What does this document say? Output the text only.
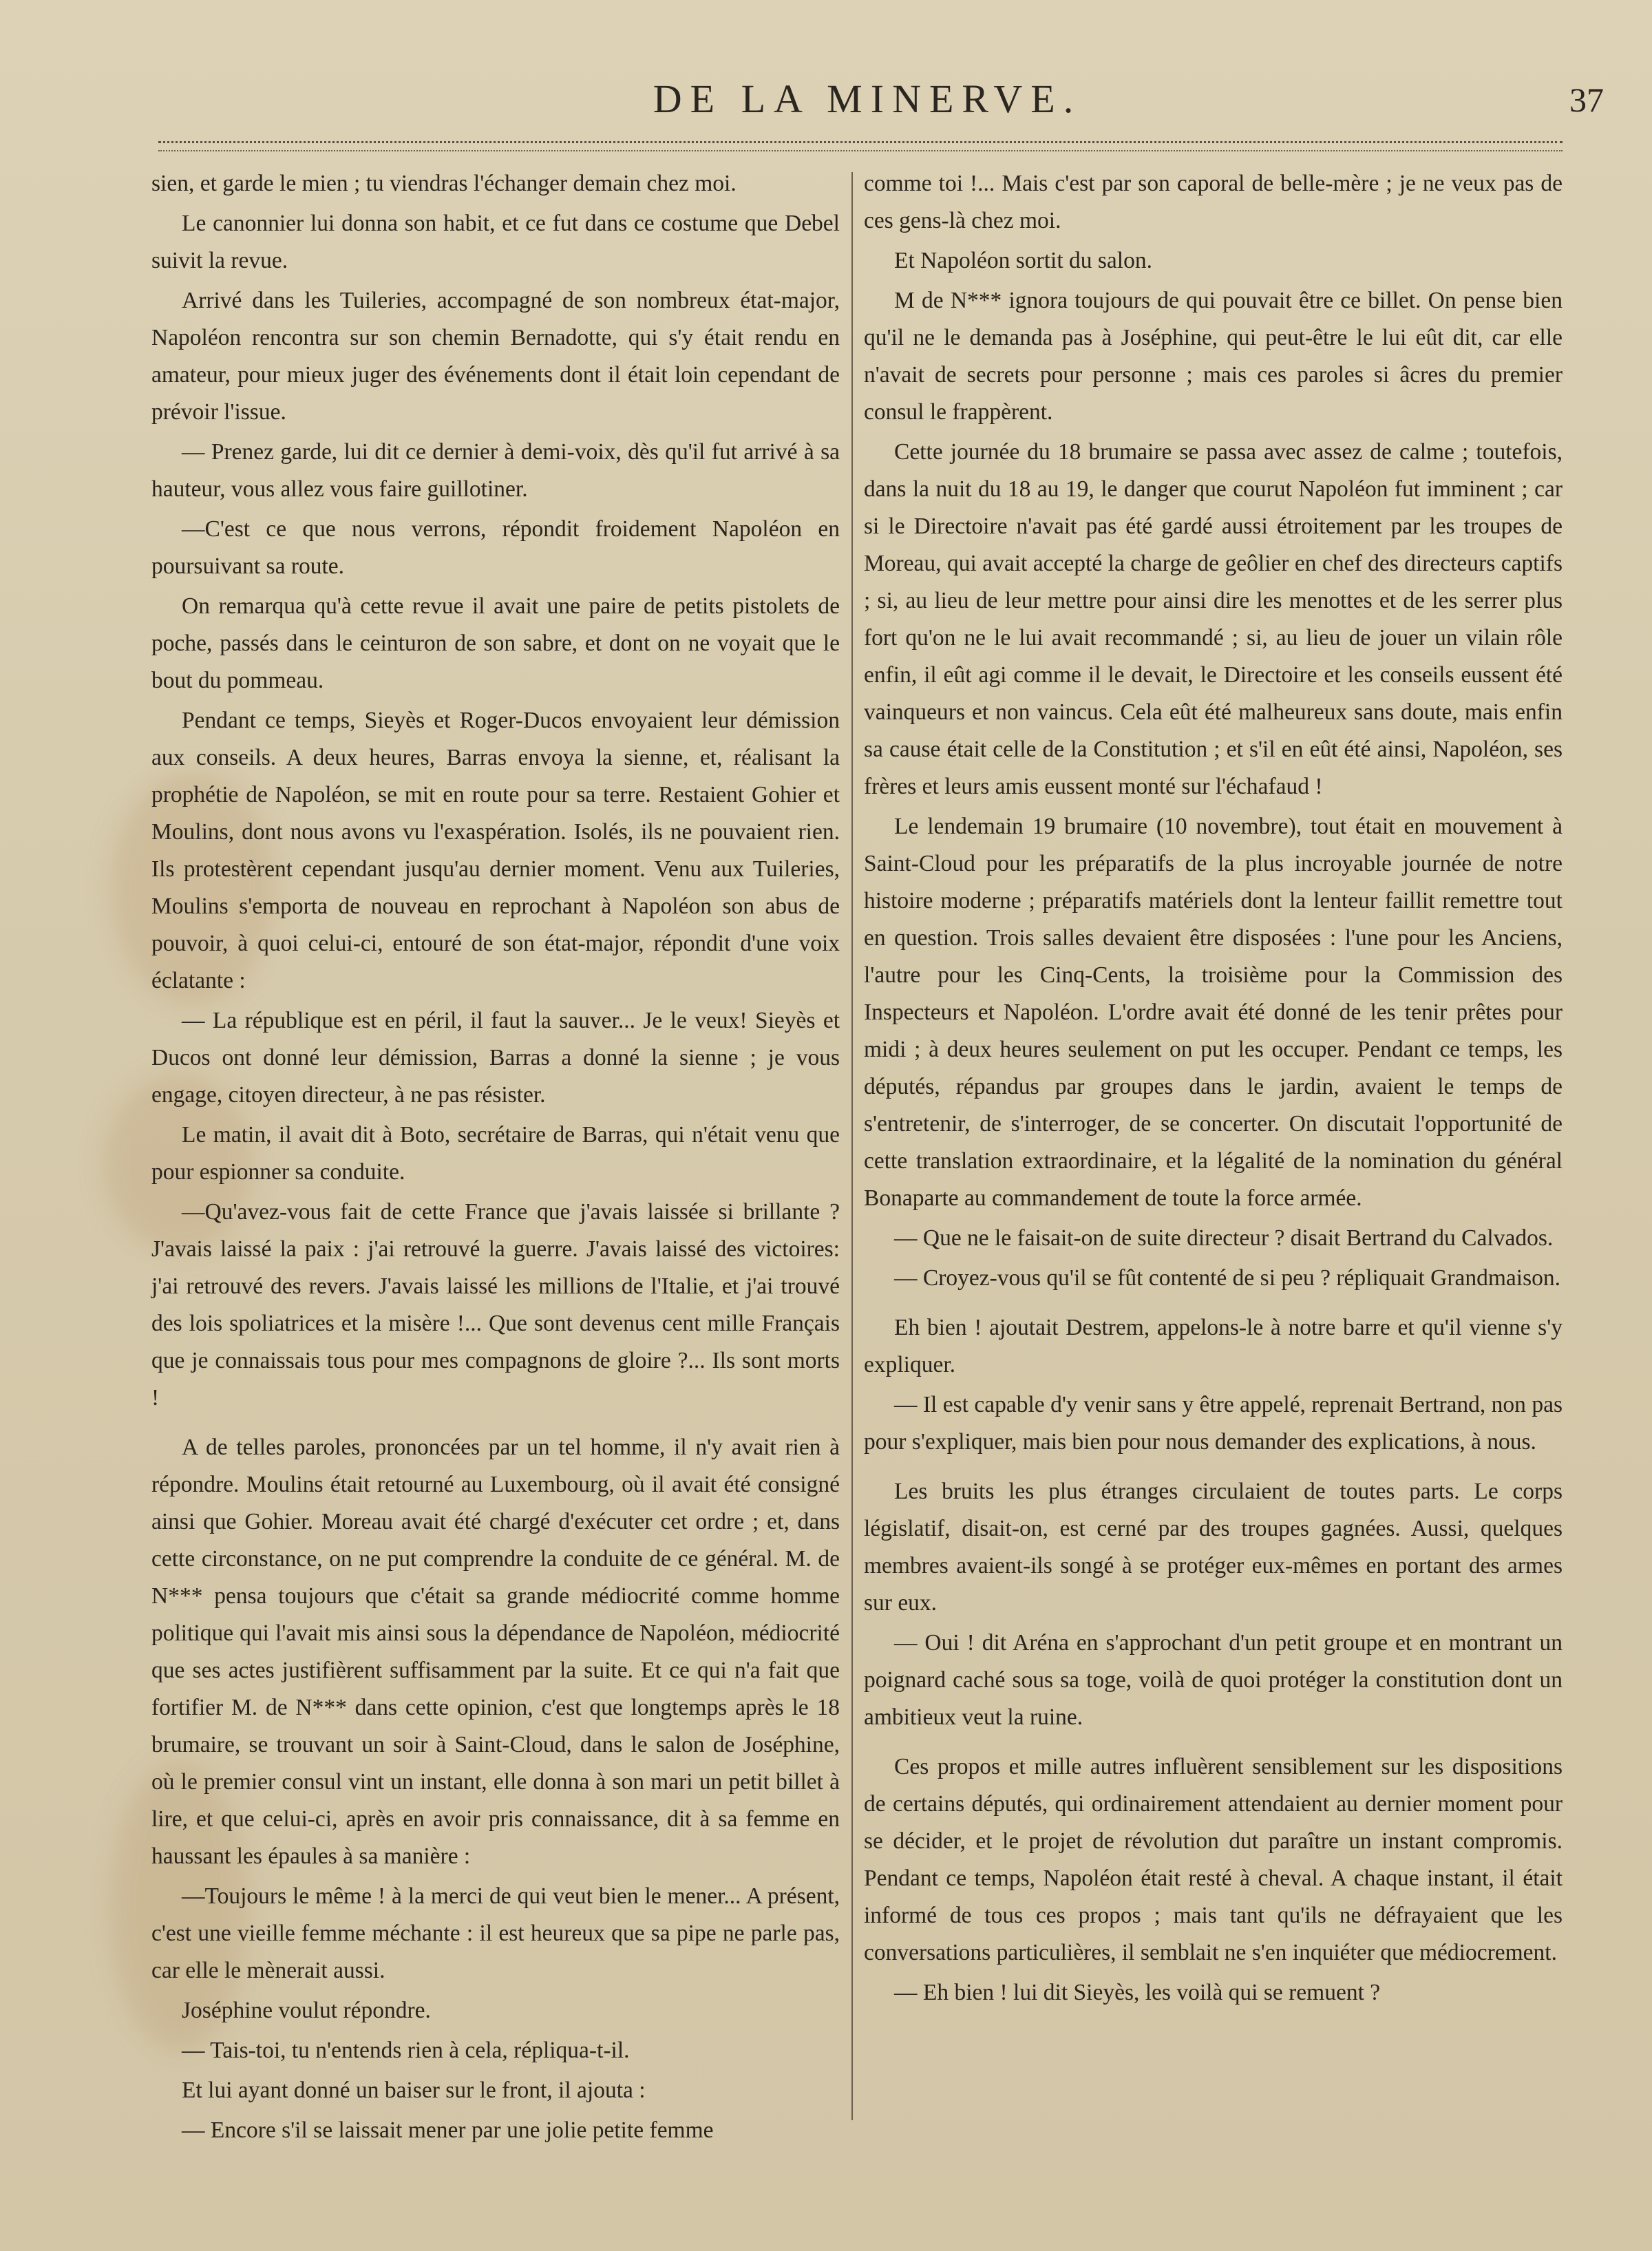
DE LA MINERVE.	37

sien, et garde le mien ; tu viendras l'échanger demain chez moi.

Le canonnier lui donna son habit, et ce fut dans ce costume que Debel suivit la revue.

Arrivé dans les Tuileries, accompagné de son nombreux état-major, Napoléon rencontra sur son chemin Bernadotte, qui s'y était rendu en amateur, pour mieux juger des événements dont il était loin cependant de prévoir l'issue.

— Prenez garde, lui dit ce dernier à demi-voix, dès qu'il fut arrivé à sa hauteur, vous allez vous faire guillotiner.

—C'est ce que nous verrons, répondit froidement Napoléon en poursuivant sa route.

On remarqua qu'à cette revue il avait une paire de petits pistolets de poche, passés dans le ceinturon de son sabre, et dont on ne voyait que le bout du pommeau.

Pendant ce temps, Sieyès et Roger-Ducos envoyaient leur démission aux conseils. A deux heures, Barras envoya la sienne, et, réalisant la prophétie de Napoléon, se mit en route pour sa terre. Restaient Gohier et Moulins, dont nous avons vu l'exaspération. Isolés, ils ne pouvaient rien. Ils protestèrent cependant jusqu'au dernier moment. Venu aux Tuileries, Moulins s'emporta de nouveau en reprochant à Napoléon son abus de pouvoir, à quoi celui-ci, entouré de son état-major, répondit d'une voix éclatante :

— La république est en péril, il faut la sauver... Je le veux! Sieyès et Ducos ont donné leur démission, Barras a donné la sienne ; je vous engage, citoyen directeur, à ne pas résister.

Le matin, il avait dit à Boto, secrétaire de Barras, qui n'était venu que pour espionner sa conduite.

—Qu'avez-vous fait de cette France que j'avais laissée si brillante ? J'avais laissé la paix : j'ai retrouvé la guerre. J'avais laissé des victoires: j'ai retrouvé des revers. J'avais laissé les millions de l'Italie, et j'ai trouvé des lois spoliatrices et la misère !... Que sont devenus cent mille Français que je connaissais tous pour mes compagnons de gloire ?... Ils sont morts !

A de telles paroles, prononcées par un tel homme, il n'y avait rien à répondre. Moulins était retourné au Luxembourg, où il avait été consigné ainsi que Gohier. Moreau avait été chargé d'exécuter cet ordre ; et, dans cette circonstance, on ne put comprendre la conduite de ce général. M. de N*** pensa toujours que c'était sa grande médiocrité comme homme politique qui l'avait mis ainsi sous la dépendance de Napoléon, médiocrité que ses actes justifièrent suffisamment par la suite. Et ce qui n'a fait que fortifier M. de N*** dans cette opinion, c'est que longtemps après le 18 brumaire, se trouvant un soir à Saint-Cloud, dans le salon de Joséphine, où le premier consul vint un instant, elle donna à son mari un petit billet à lire, et que celui-ci, après en avoir pris connaissance, dit à sa femme en haussant les épaules à sa manière :

—Toujours le même ! à la merci de qui veut bien le mener... A présent, c'est une vieille femme méchante : il est heureux que sa pipe ne parle pas, car elle le mènerait aussi.

Joséphine voulut répondre.

— Tais-toi, tu n'entends rien à cela, répliqua-t-il.

Et lui ayant donné un baiser sur le front, il ajouta :

— Encore s'il se laissait mener par une jolie petite femme

comme toi !... Mais c'est par son caporal de belle-mère ; je ne veux pas de ces gens-là chez moi.

Et Napoléon sortit du salon.

M de N*** ignora toujours de qui pouvait être ce billet. On pense bien qu'il ne le demanda pas à Joséphine, qui peut-être le lui eût dit, car elle n'avait de secrets pour personne ; mais ces paroles si âcres du premier consul le frappèrent.

Cette journée du 18 brumaire se passa avec assez de calme ; toutefois, dans la nuit du 18 au 19, le danger que courut Napoléon fut imminent ; car si le Directoire n'avait pas été gardé aussi étroitement par les troupes de Moreau, qui avait accepté la charge de geôlier en chef des directeurs captifs ; si, au lieu de leur mettre pour ainsi dire les menottes et de les serrer plus fort qu'on ne le lui avait recommandé ; si, au lieu de jouer un vilain rôle enfin, il eût agi comme il le devait, le Directoire et les conseils eussent été vainqueurs et non vaincus. Cela eût été malheureux sans doute, mais enfin sa cause était celle de la Constitution ; et s'il en eût été ainsi, Napoléon, ses frères et leurs amis eussent monté sur l'échafaud !

Le lendemain 19 brumaire (10 novembre), tout était en mouvement à Saint-Cloud pour les préparatifs de la plus incroyable journée de notre histoire moderne ; préparatifs matériels dont la lenteur faillit remettre tout en question. Trois salles devaient être disposées : l'une pour les Anciens, l'autre pour les Cinq-Cents, la troisième pour la Commission des Inspecteurs et Napoléon. L'ordre avait été donné de les tenir prêtes pour midi ; à deux heures seulement on put les occuper. Pendant ce temps, les députés, répandus par groupes dans le jardin, avaient le temps de s'entretenir, de s'interroger, de se concerter. On discutait l'opportunité de cette translation extraordinaire, et la légalité de la nomination du général Bonaparte au commandement de toute la force armée.

— Que ne le faisait-on de suite directeur ? disait Bertrand du Calvados.

— Croyez-vous qu'il se fût contenté de si peu ? répliquait Grandmaison.

Eh bien ! ajoutait Destrem, appelons-le à notre barre et qu'il vienne s'y expliquer.

— Il est capable d'y venir sans y être appelé, reprenait Bertrand, non pas pour s'expliquer, mais bien pour nous demander des explications, à nous.

Les bruits les plus étranges circulaient de toutes parts. Le corps législatif, disait-on, est cerné par des troupes gagnées. Aussi, quelques membres avaient-ils songé à se protéger eux-mêmes en portant des armes sur eux.

— Oui ! dit Aréna en s'approchant d'un petit groupe et en montrant un poignard caché sous sa toge, voilà de quoi protéger la constitution dont un ambitieux veut la ruine.

Ces propos et mille autres influèrent sensiblement sur les dispositions de certains députés, qui ordinairement attendaient au dernier moment pour se décider, et le projet de révolution dut paraître un instant compromis. Pendant ce temps, Napoléon était resté à cheval. A chaque instant, il était informé de tous ces propos ; mais tant qu'ils ne défrayaient que les conversations particulières, il semblait ne s'en inquiéter que médiocrement.

— Eh bien ! lui dit Sieyès, les voilà qui se remuent ?
